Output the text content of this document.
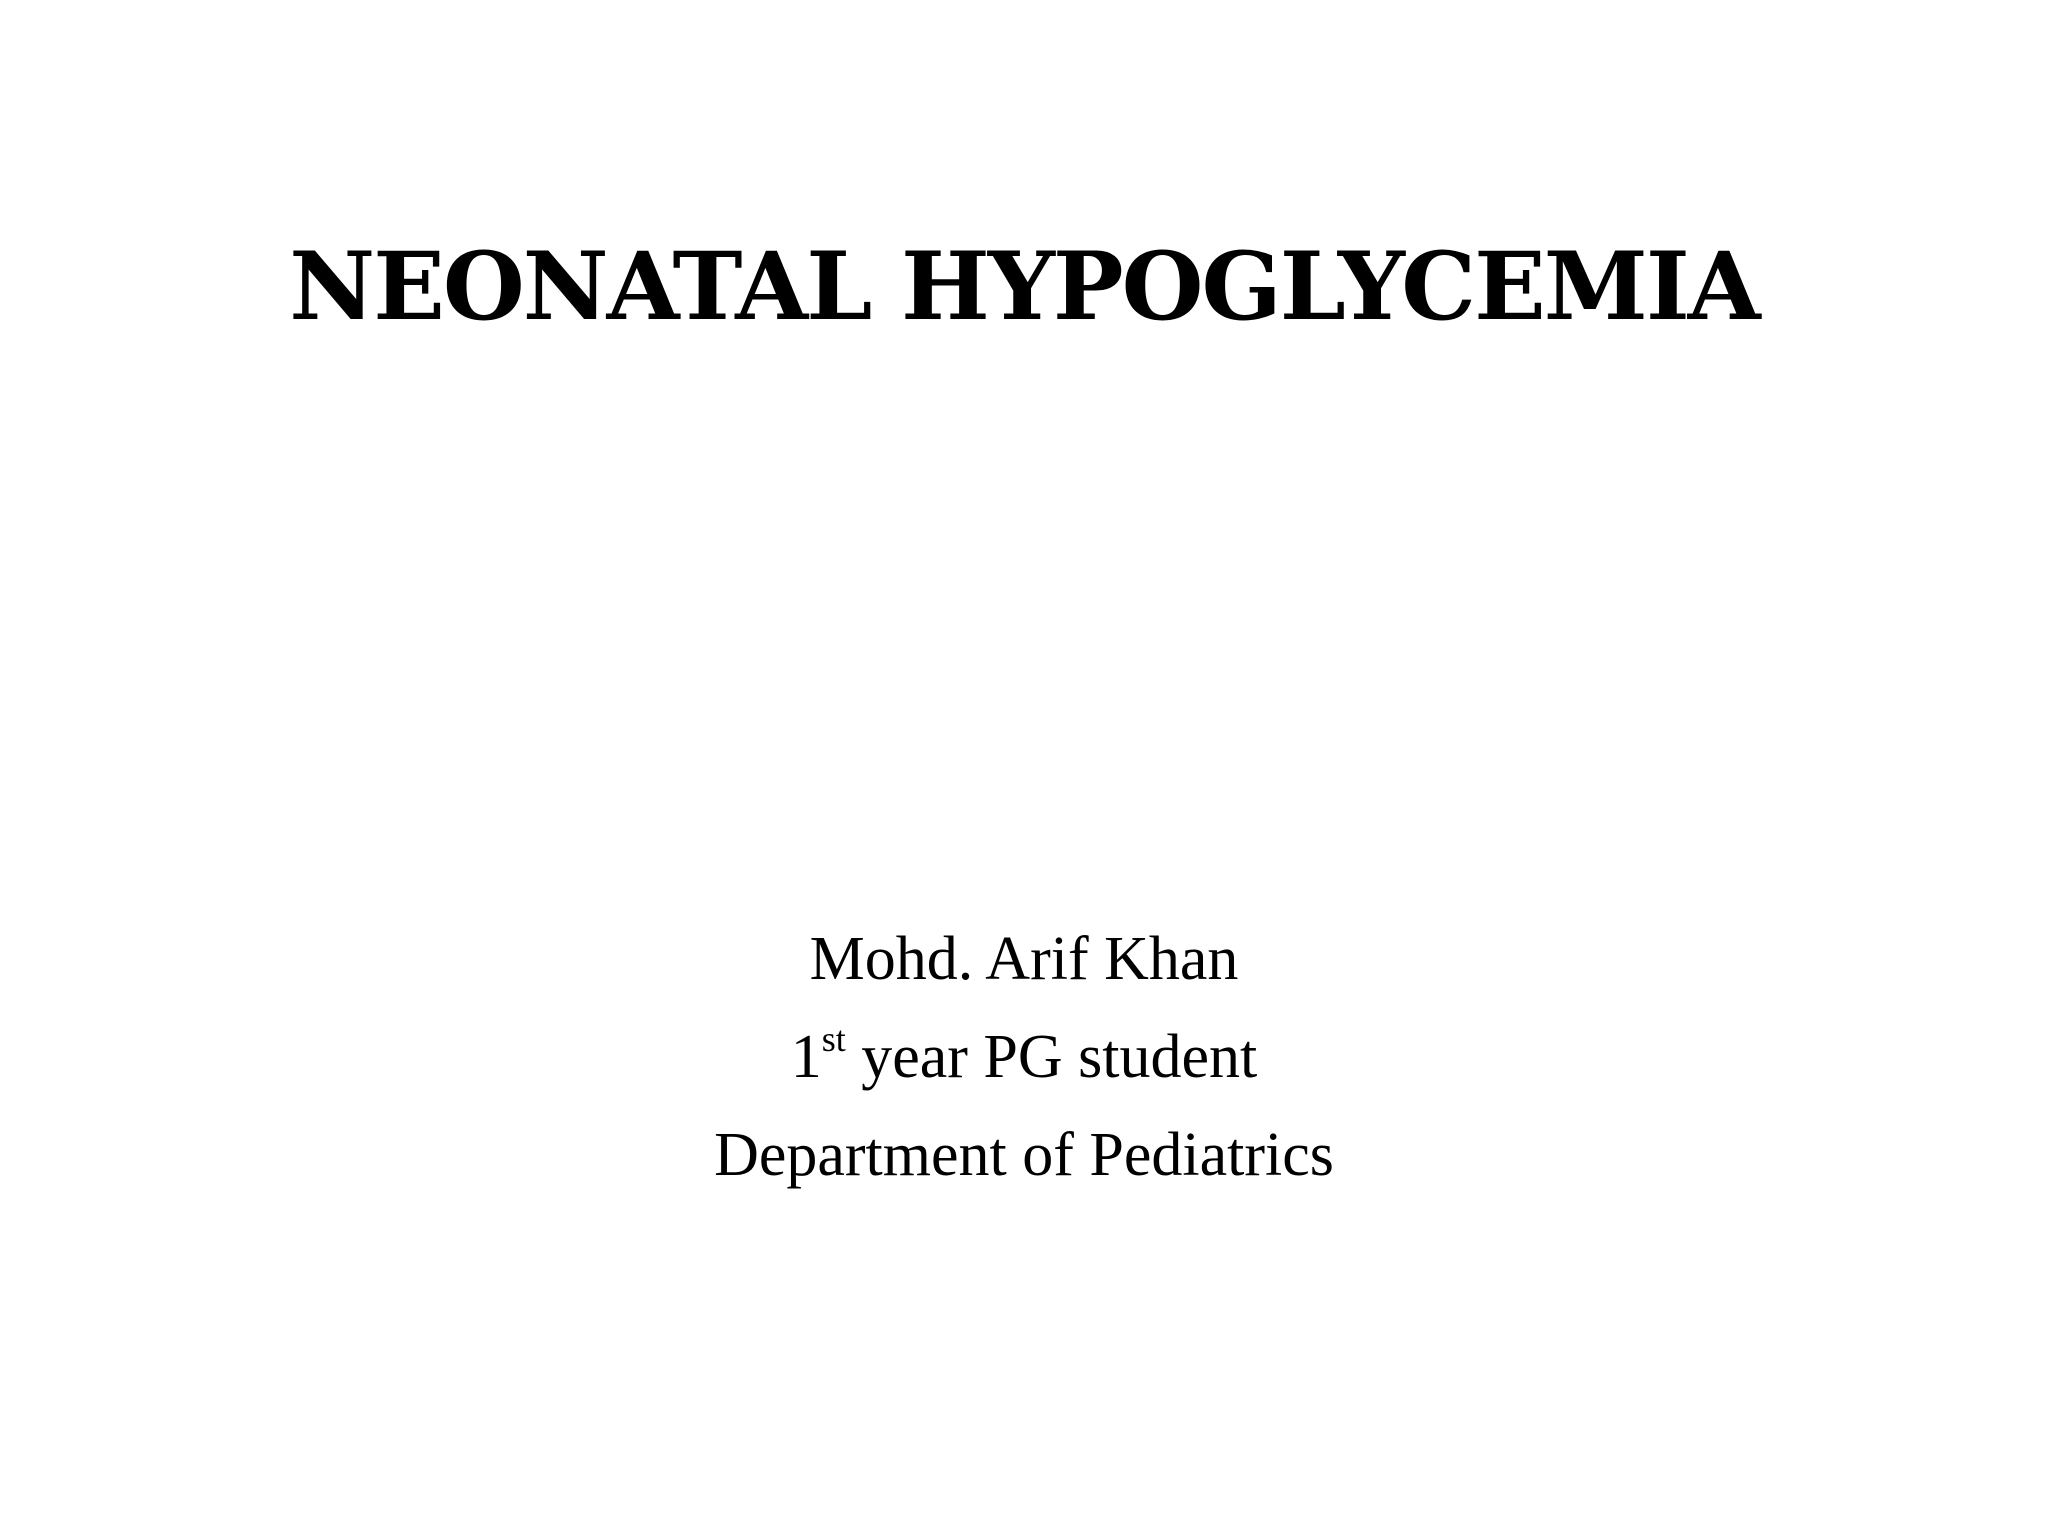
NEONATAL HYPOGLYCEMIA
Mohd. Arif Khan
1st year PG student
Department of Pediatrics
